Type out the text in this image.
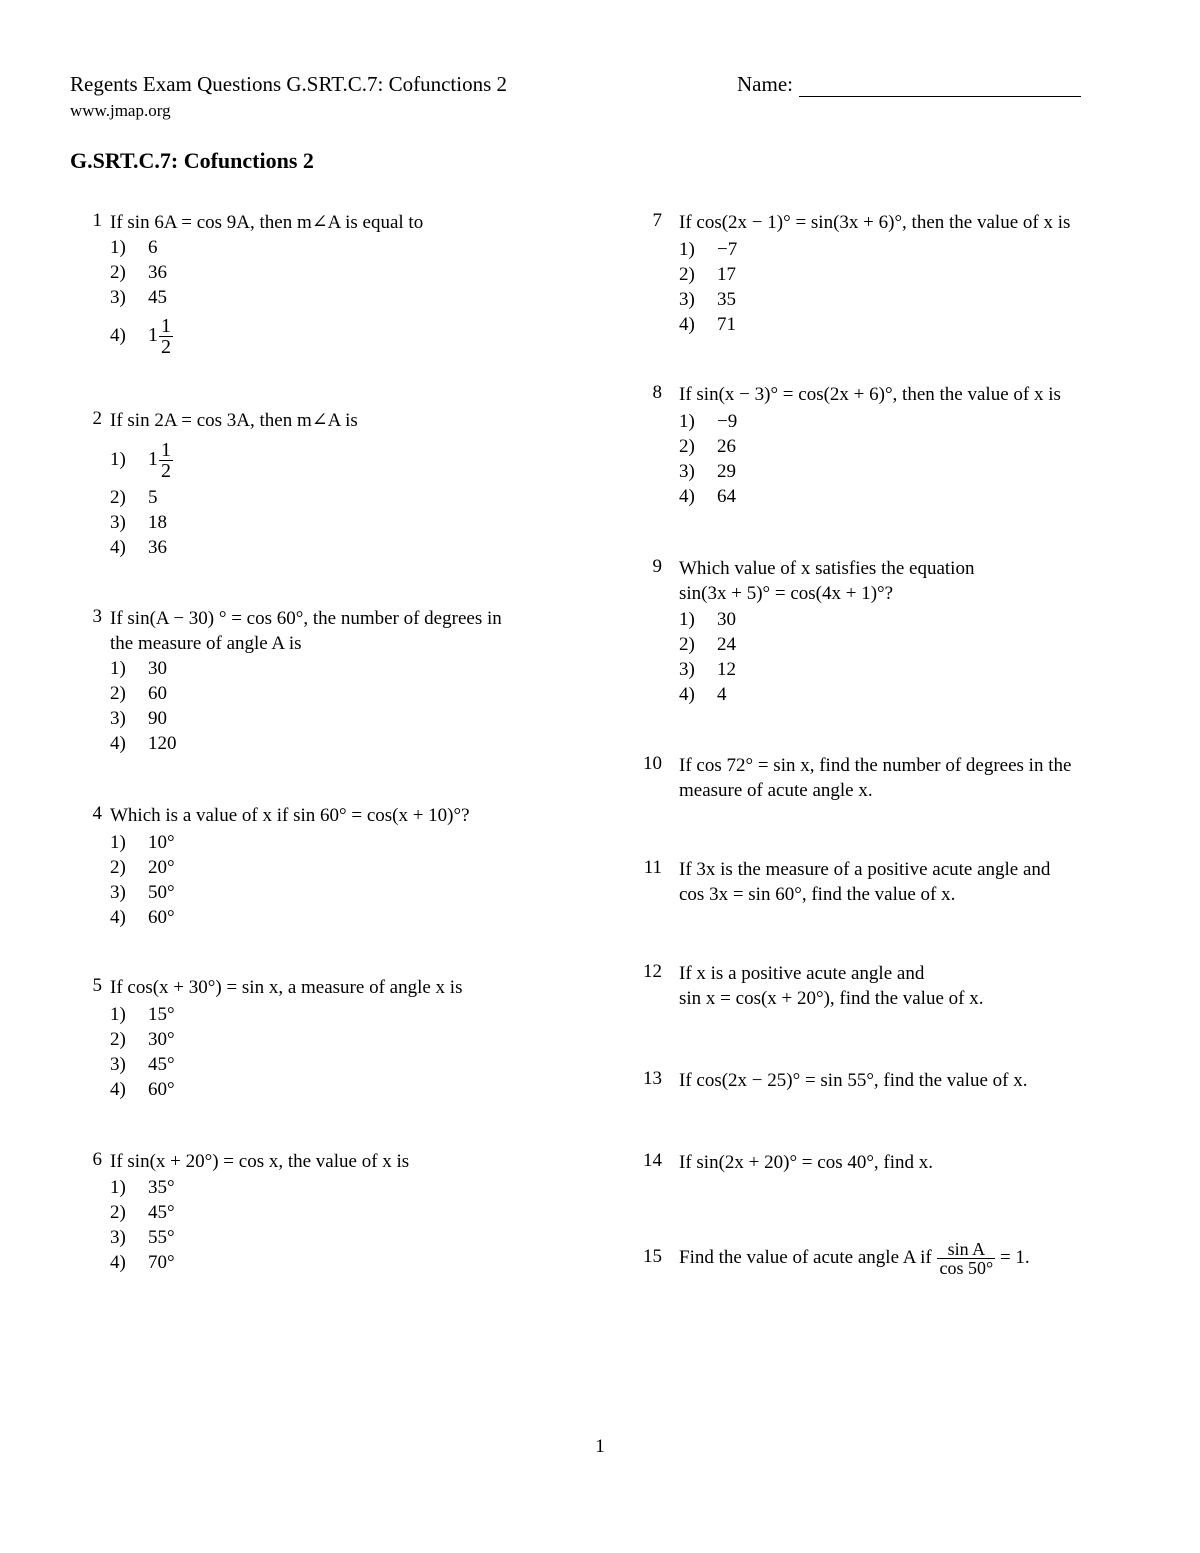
Regents Exam Questions G.SRT.C.7: Cofunctions 2
www.jmap.org
Name:
G.SRT.C.7: Cofunctions 2
1 If sin 6A = cos 9A, then m∠A is equal to
1) 6
2) 36
3) 45
4) $1 \frac{1}{2}$
2 If sin 2A = cos 3A, then m∠A is
1) $1 \frac{1}{2}$
2) 5
3) 18
4) 36
3 If sin(A − 30) ° = cos 60°, the number of degrees in
the measure of angle A is
1) 30
2) 60
3) 90
4) 120
4 Which is a value of x if sin 60° = cos(x + 10)°?
1) 10°
2) 20°
3) 50°
4) 60°
5 If cos(x + 30°) = sin x, a measure of angle x is
1) 15°
2) 30°
3) 45°
4) 60°
6 If sin(x + 20°) = cos x, the value of x is
1) 35°
2) 45°
3) 55°
4) 70°
7 If cos(2x − 1)° = sin(3x + 6)°, then the value of x is
1) −7
2) 17
3) 35
4) 71
8 If sin(x − 3)° = cos(2x + 6)°, then the value of x is
1) −9
2) 26
3) 29
4) 64
9 Which value of x satisfies the equation
sin(3x + 5)° = cos(4x + 1)°?
1) 30
2) 24
3) 12
4) 4
10 If cos 72° = sin x, find the number of degrees in the
measure of acute angle x.
11 If 3x is the measure of a positive acute angle and
cos 3x = sin 60°, find the value of x.
12 If x is a positive acute angle and
sin x = cos(x + 20°), find the value of x.
13 If cos(2x − 25)° = sin 55°, find the value of x.
14 If sin(2x + 20)° = cos 40°, find x.
15 Find the value of acute angle A if $\frac{\text{sin A}}{\cos 50^\circ} = 1$.
1
